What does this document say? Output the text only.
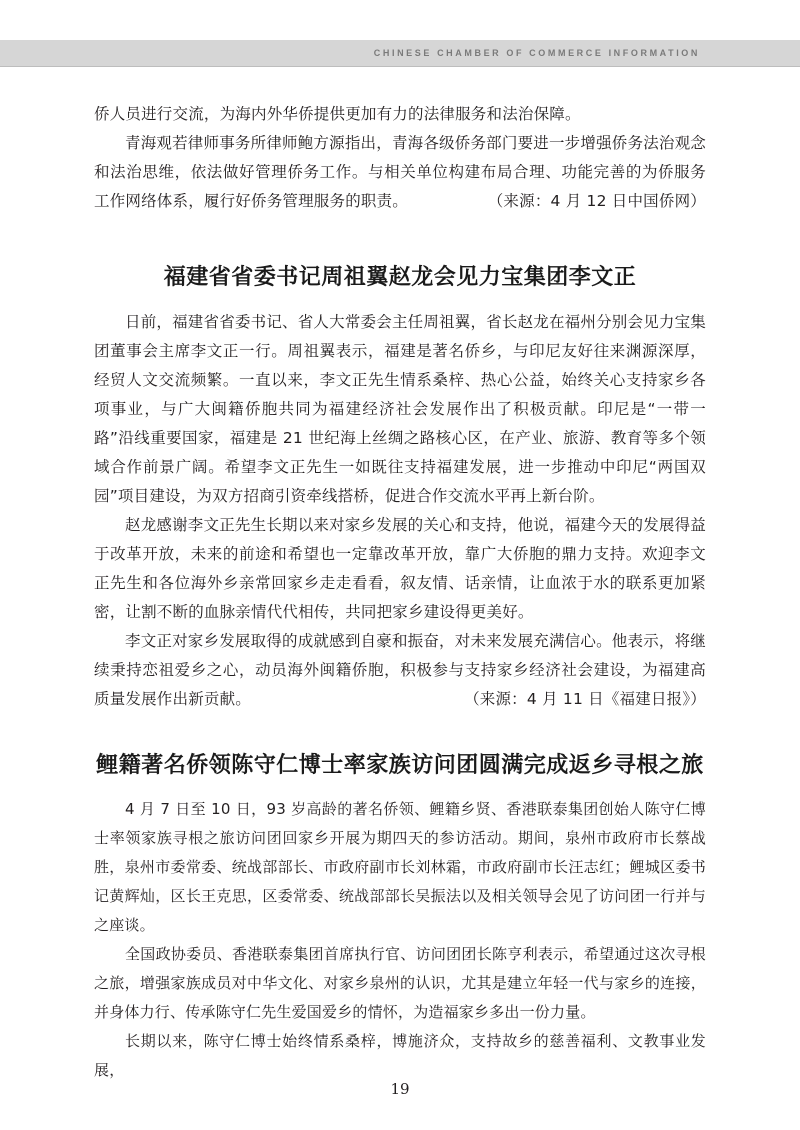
CHINESE CHAMBER OF COMMERCE INFORMATION

侨人员进行交流，为海内外华侨提供更加有力的法律服务和法治保障。

青海观若律师事务所律师鲍方源指出，青海各级侨务部门要进一步增强侨务法治观念和法治思维，依法做好管理侨务工作。与相关单位构建布局合理、功能完善的为侨服务工作网络体系，履行好侨务管理服务的职责。	（来源：4 月 12 日中国侨网）

福建省省委书记周祖翼赵龙会见力宝集团李文正

日前，福建省省委书记、省人大常委会主任周祖翼，省长赵龙在福州分别会见力宝集团董事会主席李文正一行。周祖翼表示，福建是著名侨乡，与印尼友好往来渊源深厚，经贸人文交流频繁。一直以来，李文正先生情系桑梓、热心公益，始终关心支持家乡各项事业，与广大闽籍侨胞共同为福建经济社会发展作出了积极贡献。印尼是“一带一路”沿线重要国家，福建是 21 世纪海上丝绸之路核心区，在产业、旅游、教育等多个领域合作前景广阔。希望李文正先生一如既往支持福建发展，进一步推动中印尼“两国双园”项目建设，为双方招商引资牵线搭桥，促进合作交流水平再上新台阶。

赵龙感谢李文正先生长期以来对家乡发展的关心和支持，他说，福建今天的发展得益于改革开放，未来的前途和希望也一定靠改革开放，靠广大侨胞的鼎力支持。欢迎李文正先生和各位海外乡亲常回家乡走走看看，叙友情、话亲情，让血浓于水的联系更加紧密，让割不断的血脉亲情代代相传，共同把家乡建设得更美好。

李文正对家乡发展取得的成就感到自豪和振奋，对未来发展充满信心。他表示，将继续秉持恋祖爱乡之心，动员海外闽籍侨胞，积极参与支持家乡经济社会建设，为福建高质量发展作出新贡献。	（来源：4 月 11 日《福建日报》）

鲤籍著名侨领陈守仁博士率家族访问团圆满完成返乡寻根之旅

4 月 7 日至 10 日，93 岁高龄的著名侨领、鲤籍乡贤、香港联泰集团创始人陈守仁博士率领家族寻根之旅访问团回家乡开展为期四天的参访活动。期间，泉州市政府市长蔡战胜，泉州市委常委、统战部部长、市政府副市长刘林霜，市政府副市长汪志红；鲤城区委书记黄辉灿，区长王克思，区委常委、统战部部长吴振法以及相关领导会见了访问团一行并与之座谈。

全国政协委员、香港联泰集团首席执行官、访问团团长陈亨利表示，希望通过这次寻根之旅，增强家族成员对中华文化、对家乡泉州的认识，尤其是建立年轻一代与家乡的连接，并身体力行、传承陈守仁先生爱国爱乡的情怀，为造福家乡多出一份力量。

长期以来，陈守仁博士始终情系桑梓，博施济众，支持故乡的慈善福利、文教事业发展，

19
